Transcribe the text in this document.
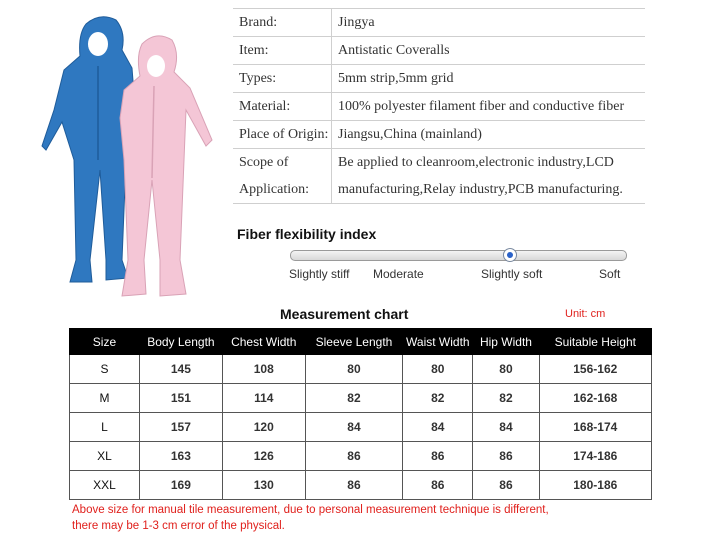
Brand:	Jingya
Item:	Antistatic Coveralls
Types:	5mm strip,5mm grid
Material:	100% polyester filament fiber and conductive fiber
Place of Origin:	Jiangsu,China (mainland)
Scope of	Be applied to cleanroom,electronic industry,LCD
Application:	manufacturing,Relay industry,PCB manufacturing.
Fiber flexibility index
Slightly stiff Moderate	Slightly soft	Soft
Measurement chart	Unit: cm
Size	Body Length	Chest Width	Sleeve Length	Waist Width	Hip Width	Suitable Height
S	145	108	80	80	80	156-162
M	151	114	82	82	82	162-168
L	157	120	84	84	84	168-174
XL	163	126	86	86	86	174-186
XXL	169	130	86	86	86	180-186
Above size for manual tile measurement, due to personal measurement technique is different,
there may be 1-3 cm error of the physical.
